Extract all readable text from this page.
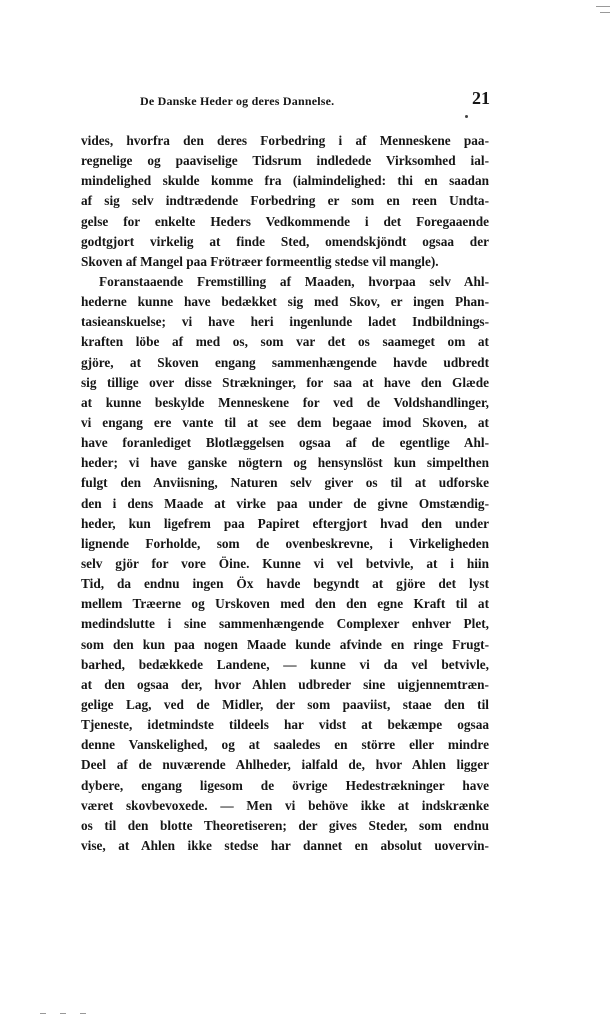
De Danske Heder og deres Dannelse.	21
vides, hvorfra den deres Forbedring i af Menneskene paa-
regnelige og paaviselige Tidsrum indledede Virksomhed ial-
mindelighed skulde komme fra (ialmindelighed: thi en saadan
af sig selv indtrædende Forbedring er som en reen Undta-
gelse for enkelte Heders Vedkommende i det Foregaaende
godtgjort virkelig at finde Sted, omendskjöndt ogsaa der
Skoven af Mangel paa Frötræer formeentlig stedse vil mangle).
Foranstaaende Fremstilling af Maaden, hvorpaa selv Ahl-
hederne kunne have bedækket sig med Skov, er ingen Phan-
tasieanskuelse; vi have heri ingenlunde ladet Indbildnings-
kraften löbe af med os, som var det os saameget om at
gjöre, at Skoven engang sammenhængende havde udbredt
sig tillige over disse Strækninger, for saa at have den Glæde
at kunne beskylde Menneskene for ved de Voldshandlinger,
vi engang ere vante til at see dem begaae imod Skoven, at
have foranlediget Blotlæggelsen ogsaa af de egentlige Ahl-
heder; vi have ganske nögtern og hensynslöst kun simpelthen
fulgt den Anviisning, Naturen selv giver os til at udforske
den i dens Maade at virke paa under de givne Omstændig-
heder, kun ligefrem paa Papiret eftergjort hvad den under
lignende Forholde, som de ovenbeskrevne, i Virkeligheden
selv gjör for vore Öine. Kunne vi vel betvivle, at i hiin
Tid, da endnu ingen Öx havde begyndt at gjöre det lyst
mellem Træerne og Urskoven med den den egne Kraft til at
medindslutte i sine sammenhængende Complexer enhver Plet,
som den kun paa nogen Maade kunde afvinde en ringe Frugt-
barhed, bedækkede Landene, — kunne vi da vel betvivle,
at den ogsaa der, hvor Ahlen udbreder sine uigjennemtræn-
gelige Lag, ved de Midler, der som paaviist, staae den til
Tjeneste, idetmindste tildeels har vidst at bekæmpe ogsaa
denne Vanskelighed, og at saaledes en större eller mindre
Deel af de nuværende Ahlheder, ialfald de, hvor Ahlen ligger
dybere, engang ligesom de övrige Hedestrækninger have
været skovbevoxede. — Men vi behöve ikke at indskrænke
os til den blotte Theoretiseren; der gives Steder, som endnu
vise, at Ahlen ikke stedse har dannet en absolut uovervin-
